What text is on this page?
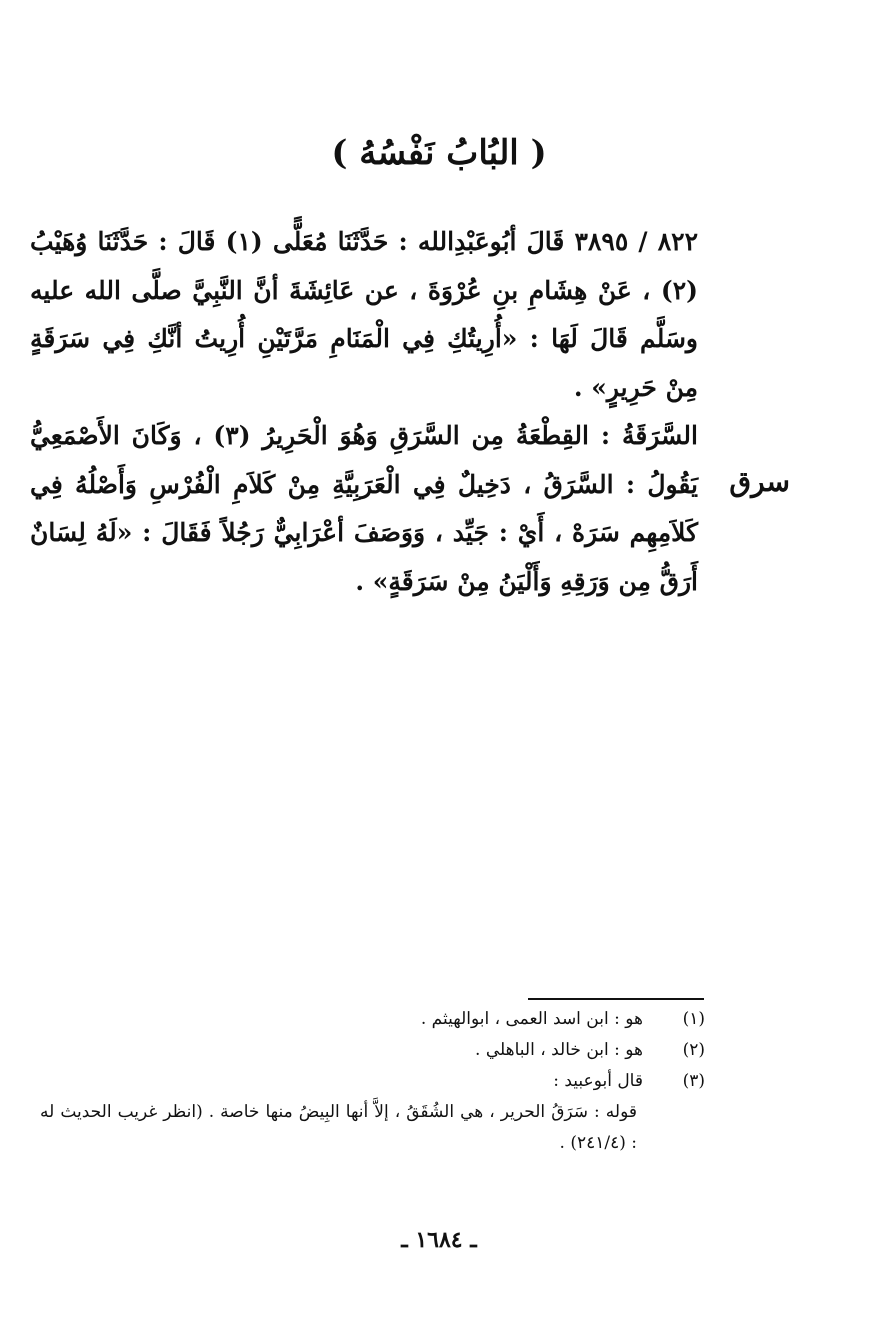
( البُابُ نَفْسُهُ )

٨٢٢ / ٣٨٩٥ قَالَ أبُوعَبْدِالله : حَدَّثَنَا مُعَلًّى (١) قَالَ : حَدَّثَنَا وُهَيْبُ (٢) ، عَنْ هِشَامِ بنِ عُرْوَةَ ، عن عَائِشَةَ أنَّ النَّبِيَّ صلَّى الله عليه وسَلَّم قَالَ لَهَا : «أُرِيتُكِ فِي الْمَنَامِ مَرَّتَيْنِ أُرِيتُ أنَّكِ فِي سَرَقَةٍ مِنْ حَرِيرٍ» .

السَّرَقَةُ : القِطْعَةُ مِن السَّرَقِ وَهُوَ الْحَرِيرُ (٣) ، وَكَانَ الأَصْمَعِيُّ يَقُولُ : السَّرَقُ ، دَخِيلٌ فِي الْعَرَبِيَّةِ مِنْ كَلاَمِ الْفُرْسِ وَأَصْلُهُ فِي كَلاَمِهِم سَرَهْ ، أَيْ : جَيِّد ، وَوَصَفَ أعْرَابِيٌّ رَجُلاً فَقَالَ : «لَهُ لِسَانٌ أَرَقُّ مِن وَرَقِهِ وَأَلْيَنُ مِنْ سَرَقَةٍ» .

سرق
(١)
هو : ابن اسد العمى ، ابوالهيثم .
(٢)
هو : ابن خالد ، الباهلي .
(٣)
قال أبوعبيد :
قوله : سَرَقُ الحرير ، هي الشُقَقُ ، إلاَّ أنها البِيضُ منها خاصة . (انظر غريب الحديث له : (٢٤١/٤) .
ـ ١٦٨٤ ـ
